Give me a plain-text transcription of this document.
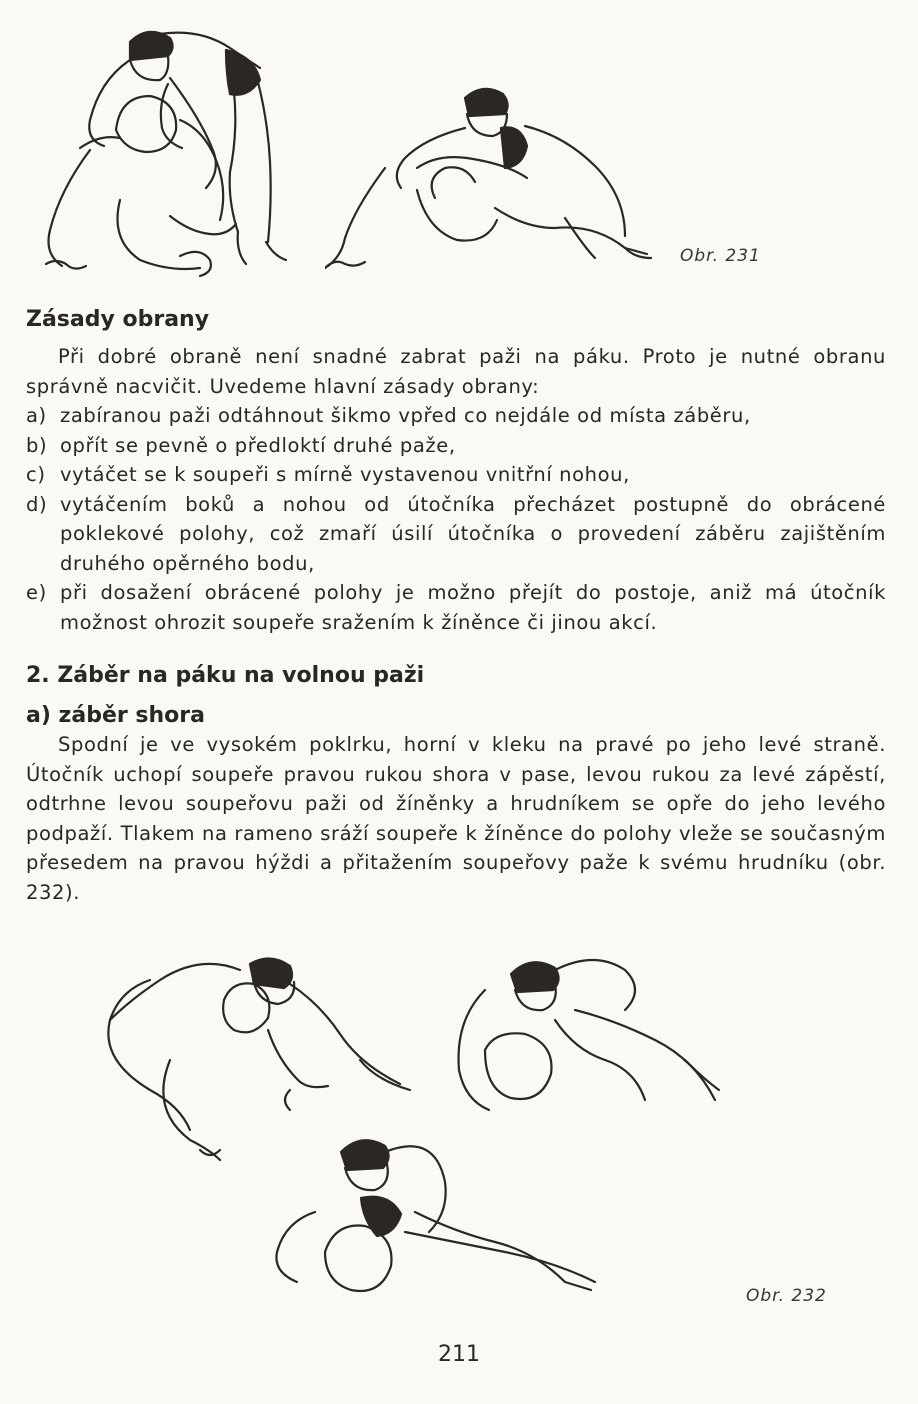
Obr. 231
Zásady obrany

Při dobré obraně není snadné zabrat paži na páku. Proto je nutné obranu správně nacvičit. Uvedeme hlavní zásady obrany:

a) zabíranou paži odtáhnout šikmo vpřed co nejdále od místa záběru,
b) opřít se pevně o předloktí druhé paže,
c) vytáčet se k soupeři s mírně vystavenou vnitřní nohou,
d) vytáčením boků a nohou od útočníka přecházet postupně do obrácené poklekové polohy, což zmaří úsilí útočníka o provedení záběru zajištěním druhého opěrného bodu,
e) při dosažení obrácené polohy je možno přejít do postoje, aniž má útočník možnost ohrozit soupeře sražením k žíněnce či jinou akcí.
2. Záběr na páku na volnou paži
a) záběr shora

Spodní je ve vysokém poklrku, horní v kleku na pravé po jeho levé straně. Útočník uchopí soupeře pravou rukou shora v pase, levou rukou za levé zápěstí, odtrhne levou soupeřovu paži od žíněnky a hrudníkem se opře do jeho levého podpaží. Tlakem na rameno sráží soupeře k žíněnce do polohy vleže se současným přesedem na pravou hýždi a přitažením soupeřovy paže k svému hrudníku (obr. 232).

Obr. 232
211
